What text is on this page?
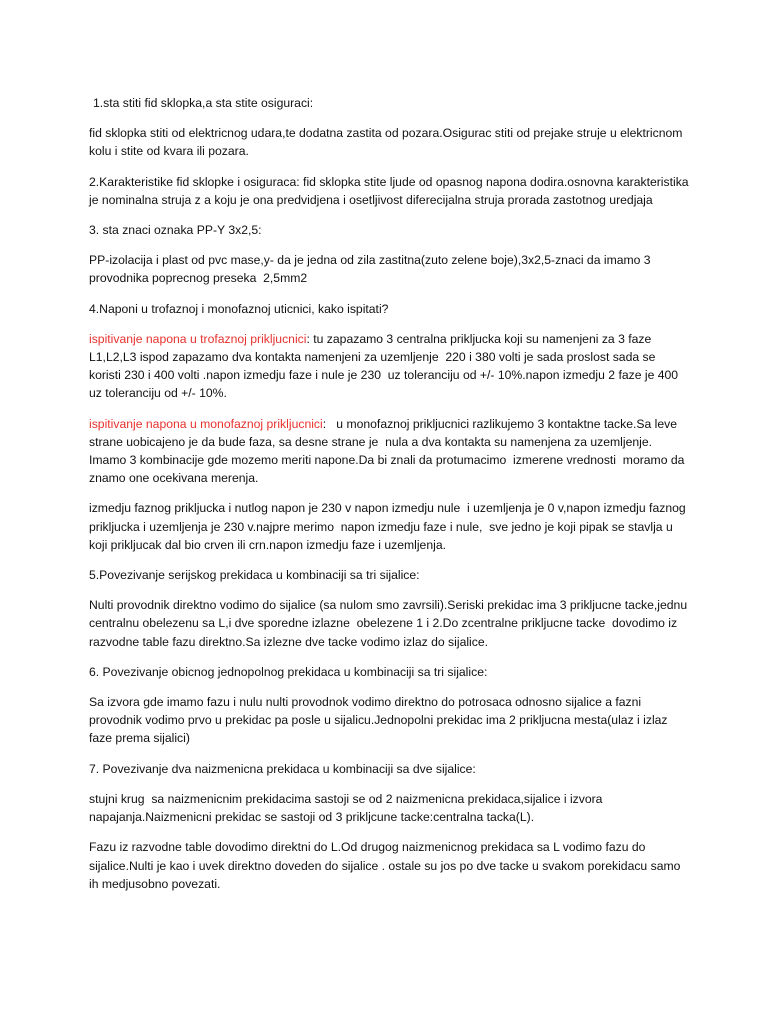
1.sta stiti fid sklopka,a sta stite osiguraci:

fid sklopka stiti od elektricnog udara,te dodatna zastita od pozara.Osigurac stiti od prejake struje u elektricnom kolu i stite od kvara ili pozara.

2.Karakteristike fid sklopke i osiguraca: fid sklopka stite ljude od opasnog napona dodira.osnovna karakteristika je nominalna struja z a koju je ona predvidjena i osetljivost diferecijalna struja prorada zastotnog uredjaja

3. sta znaci oznaka PP-Y 3x2,5:

PP-izolacija i plast od pvc mase,y- da je jedna od zila zastitna(zuto zelene boje),3x2,5-znaci da imamo 3 provodnika poprecnog preseka  2,5mm2

4.Naponi u trofaznoj i monofaznoj uticnici, kako ispitati?

ispitivanje napona u trofaznoj prikljucnici: tu zapazamo 3 centralna prikljucka koji su namenjeni za 3 faze L1,L2,L3 ispod zapazamo dva kontakta namenjeni za uzemljenje  220 i 380 volti je sada proslost sada se koristi 230 i 400 volti .napon izmedju faze i nule je 230  uz toleranciju od +/- 10%.napon izmedju 2 faze je 400 uz toleranciju od +/- 10%.

ispitivanje napona u monofaznoj prikljucnici:   u monofaznoj prikljucnici razlikujemo 3 kontaktne tacke.Sa leve strane uobicajeno je da bude faza, sa desne strane je  nula a dva kontakta su namenjena za uzemljenje. Imamo 3 kombinacije gde mozemo meriti napone.Da bi znali da protumacimo  izmerene vrednosti  moramo da znamo one ocekivana merenja.

izmedju faznog prikljucka i nutlog napon je 230 v napon izmedju nule  i uzemljenja je 0 v,napon izmedju faznog prikljucka i uzemljenja je 230 v.najpre merimo  napon izmedju faze i nule,  sve jedno je koji pipak se stavlja u koji prikljucak dal bio crven ili crn.napon izmedju faze i uzemljenja.

5.Povezivanje serijskog prekidaca u kombinaciji sa tri sijalice:

Nulti provodnik direktno vodimo do sijalice (sa nulom smo zavrsili).Seriski prekidac ima 3 prikljucne tacke,jednu centralnu obelezenu sa L,i dve sporedne izlazne  obelezene 1 i 2.Do zcentralne prikljucne tacke  dovodimo iz razvodne table fazu direktno.Sa izlezne dve tacke vodimo izlaz do sijalice.

6. Povezivanje obicnog jednopolnog prekidaca u kombinaciji sa tri sijalice:

Sa izvora gde imamo fazu i nulu nulti provodnok vodimo direktno do potrosaca odnosno sijalice a fazni provodnik vodimo prvo u prekidac pa posle u sijalicu.Jednopolni prekidac ima 2 prikljucna mesta(ulaz i izlaz faze prema sijalici)

7. Povezivanje dva naizmenicna prekidaca u kombinaciji sa dve sijalice:

stujni krug  sa naizmenicnim prekidacima sastoji se od 2 naizmenicna prekidaca,sijalice i izvora napajanja.Naizmenicni prekidac se sastoji od 3 prikljcune tacke:centralna tacka(L).

Fazu iz razvodne table dovodimo direktni do L.Od drugog naizmenicnog prekidaca sa L vodimo fazu do sijalice.Nulti je kao i uvek direktno doveden do sijalice . ostale su jos po dve tacke u svakom porekidacu samo ih medjusobno povezati.
